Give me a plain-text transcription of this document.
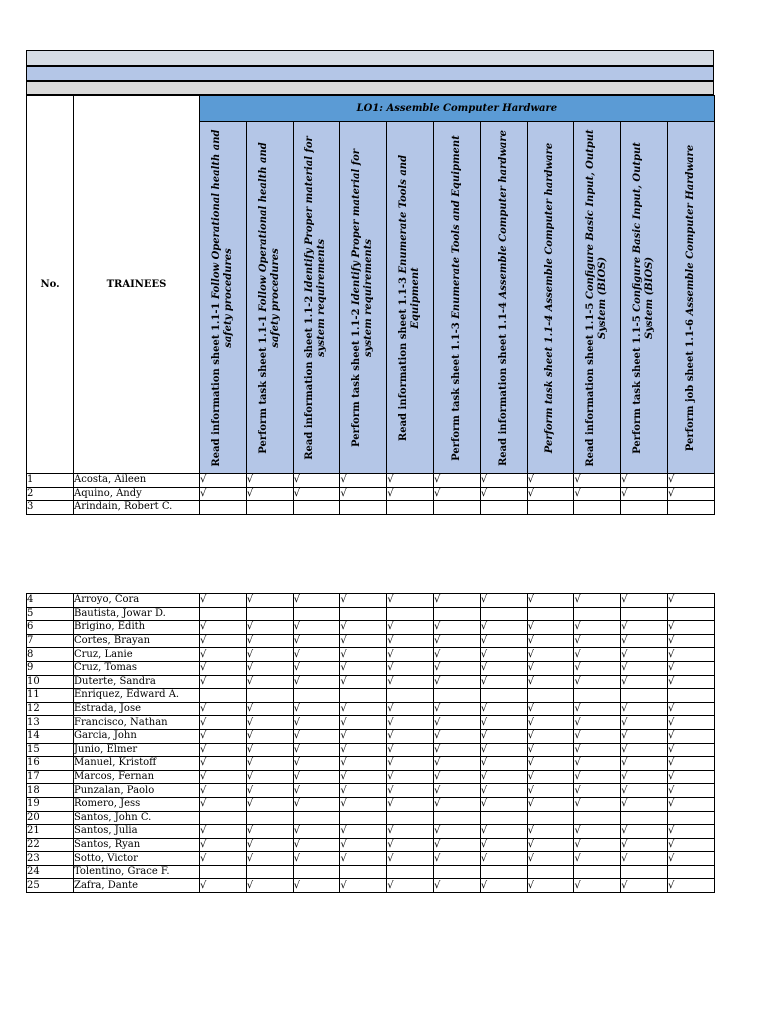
No.	TRAINEES	LO1: Assemble Computer Hardware										

		Read information sheet 1.1-1 Follow Operational health and safety procedures	Perform task sheet 1.1-1 Follow Operational health and safety procedures	Read information sheet 1.1-2 Identify Proper material for system requirements	Perform task sheet 1.1-2 Identify Proper material for system requirements	Read information sheet 1.1-3 Enumerate Tools and Equipment	Perform task sheet 1.1-3 Enumerate Tools and Equipment	Read information sheet 1.1-4 Assemble Computer hardware	Perform task sheet 1.1-4 Assemble Computer hardware	Read information sheet 1.1-5 Configure Basic Input, Output System (BIOS)	Perform task sheet 1.1-5 Configure Basic Input, Output System (BIOS)	Perform job sheet 1.1-6 Assemble Computer Hardware

1	Acosta, Aileen	√	√	√	√	√	√	√	√	√	√	√
2	Aquino, Andy	√	√	√	√	√	√	√	√	√	√	√
3	Arindain, Robert C.											
4	Arroyo, Cora	√	√	√	√	√	√	√	√	√	√	√
5	Bautista, Jowar D.											
6	Brigino, Edith	√	√	√	√	√	√	√	√	√	√	√
7	Cortes, Brayan	√	√	√	√	√	√	√	√	√	√	√
8	Cruz, Lanie	√	√	√	√	√	√	√	√	√	√	√
9	Cruz, Tomas	√	√	√	√	√	√	√	√	√	√	√
10	Duterte, Sandra	√	√	√	√	√	√	√	√	√	√	√
11	Enriquez, Edward A.											
12	Estrada, Jose	√	√	√	√	√	√	√	√	√	√	√
13	Francisco, Nathan	√	√	√	√	√	√	√	√	√	√	√
14	Garcia, John	√	√	√	√	√	√	√	√	√	√	√
15	Junio, Elmer	√	√	√	√	√	√	√	√	√	√	√
16	Manuel, Kristoff	√	√	√	√	√	√	√	√	√	√	√
17	Marcos, Fernan	√	√	√	√	√	√	√	√	√	√	√
18	Punzalan, Paolo	√	√	√	√	√	√	√	√	√	√	√
19	Romero, Jess	√	√	√	√	√	√	√	√	√	√	√
20	Santos, John C.											
21	Santos, Julia	√	√	√	√	√	√	√	√	√	√	√
22	Santos, Ryan	√	√	√	√	√	√	√	√	√	√	√
23	Sotto, Victor	√	√	√	√	√	√	√	√	√	√	√
24	Tolentino, Grace F.											
25	Zafra, Dante	√	√	√	√	√	√	√	√	√	√	√
